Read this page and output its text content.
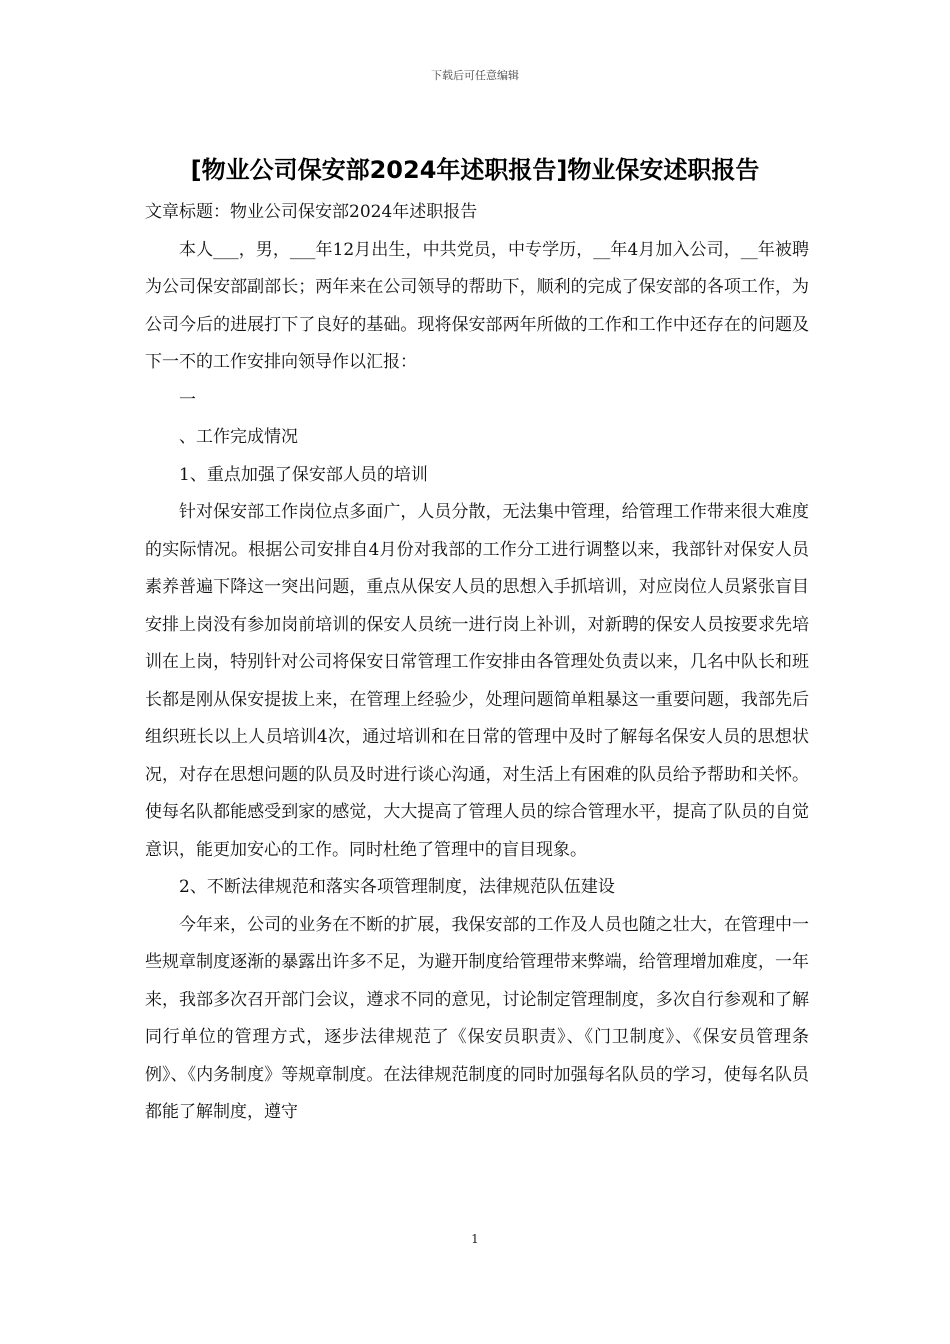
下载后可任意编辑
[物业公司保安部2024年述职报告]物业保安述职报告

文章标题：物业公司保安部2024年述职报告

本人___，男，___年12月出生，中共党员，中专学历，__年4月加入公司，__年被聘为公司保安部副部长；两年来在公司领导的帮助下，顺利的完成了保安部的各项工作，为公司今后的进展打下了良好的基础。现将保安部两年所做的工作和工作中还存在的问题及下一不的工作安排向领导作以汇报：

一

、工作完成情况

1、重点加强了保安部人员的培训

针对保安部工作岗位点多面广，人员分散，无法集中管理，给管理工作带来很大难度的实际情况。根据公司安排自4月份对我部的工作分工进行调整以来，我部针对保安人员素养普遍下降这一突出问题，重点从保安人员的思想入手抓培训，对应岗位人员紧张盲目安排上岗没有参加岗前培训的保安人员统一进行岗上补训，对新聘的保安人员按要求先培训在上岗，特别针对公司将保安日常管理工作安排由各管理处负责以来，几名中队长和班长都是刚从保安提拔上来，在管理上经验少，处理问题简单粗暴这一重要问题，我部先后组织班长以上人员培训4次，通过培训和在日常的管理中及时了解每名保安人员的思想状况，对存在思想问题的队员及时进行谈心沟通，对生活上有困难的队员给予帮助和关怀。使每名队都能感受到家的感觉，大大提高了管理人员的综合管理水平，提高了队员的自觉意识，能更加安心的工作。同时杜绝了管理中的盲目现象。

2、不断法律规范和落实各项管理制度，法律规范队伍建设

今年来，公司的业务在不断的扩展，我保安部的工作及人员也随之壮大，在管理中一些规章制度逐渐的暴露出许多不足，为避开制度给管理带来弊端，给管理增加难度，一年来，我部多次召开部门会议，遵求不同的意见，讨论制定管理制度，多次自行参观和了解同行单位的管理方式，逐步法律规范了《保安员职责》、《门卫制度》、《保安员管理条例》、《内务制度》等规章制度。在法律规范制度的同时加强每名队员的学习，使每名队员都能了解制度，遵守

1
